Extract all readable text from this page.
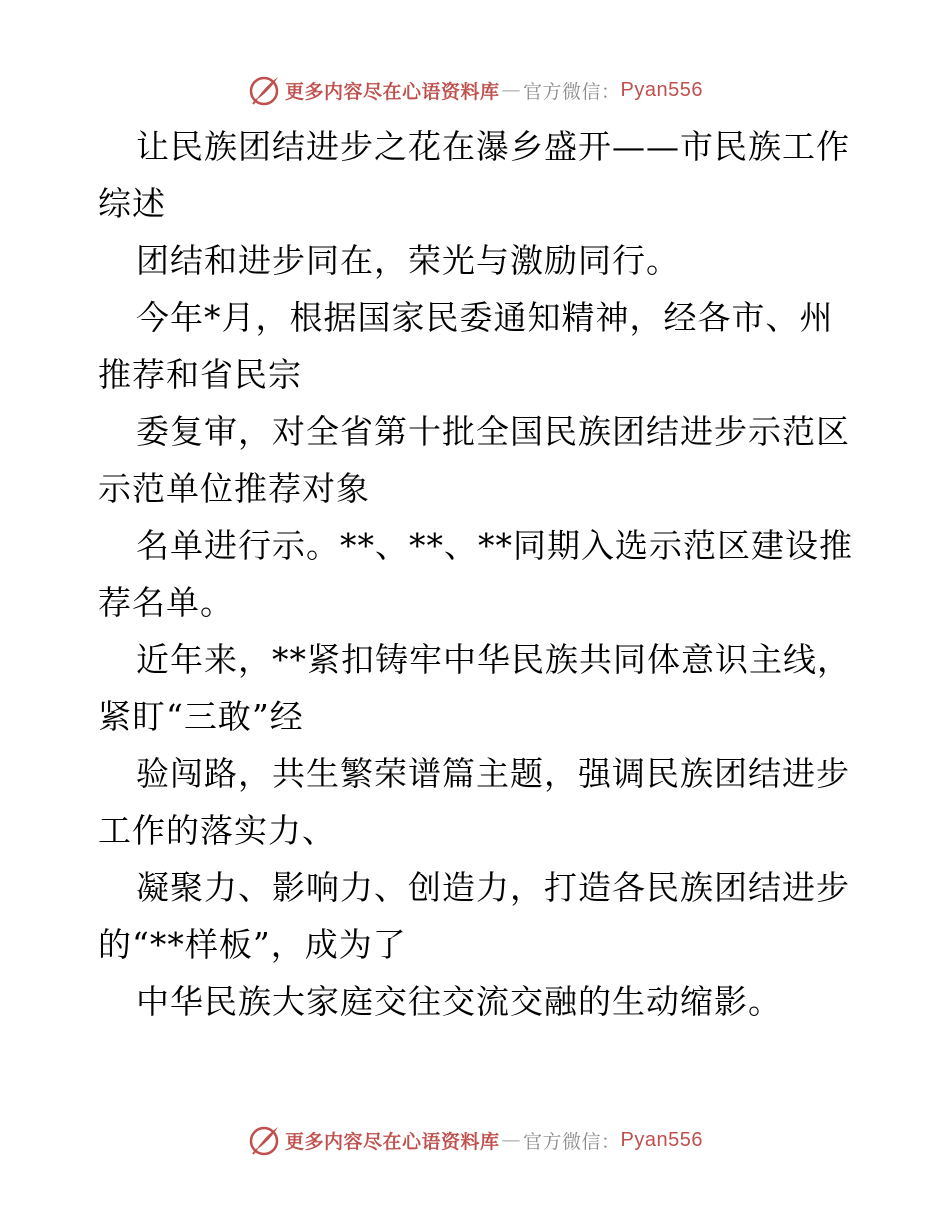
更多内容尽在心语资料库 — 官方微信： Pyan556
让民族团结进步之花在瀑乡盛开——市民族工作
综述
团结和进步同在，荣光与激励同行。
今年*月，根据国家民委通知精神，经各市、州
推荐和省民宗
委复审，对全省第十批全国民族团结进步示范区
示范单位推荐对象
名单进行示。**、**、**同期入选示范区建设推
荐名单。
近年来，**紧扣铸牢中华民族共同体意识主线，
紧盯“三敢”经
验闯路，共生繁荣谱篇主题，强调民族团结进步
工作的落实力、
凝聚力、影响力、创造力，打造各民族团结进步
的“**样板”，成为了
中华民族大家庭交往交流交融的生动缩影。
更多内容尽在心语资料库 — 官方微信： Pyan556
